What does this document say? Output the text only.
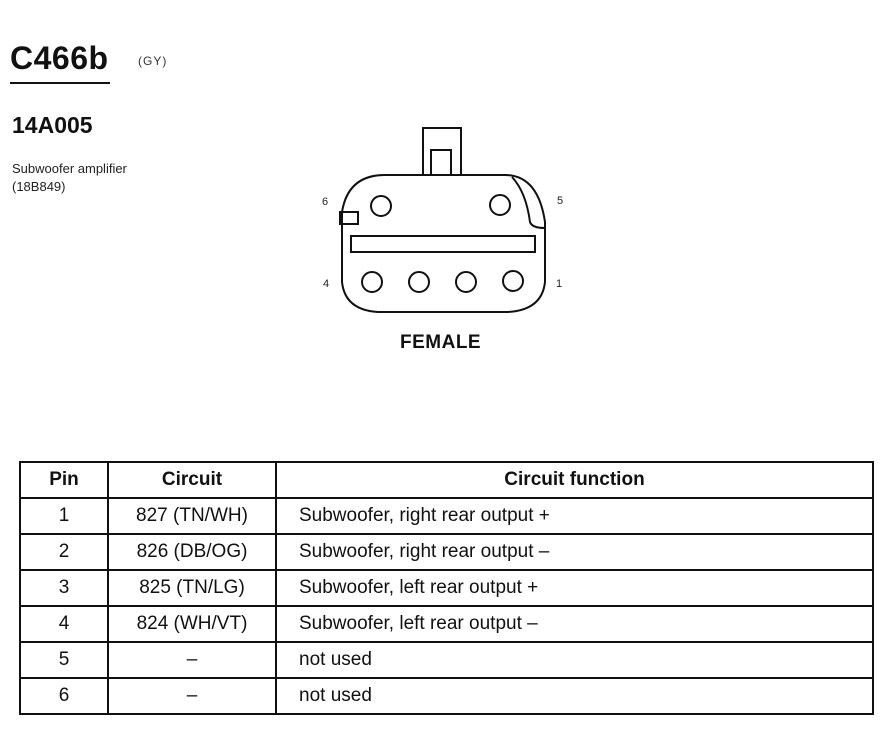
C466b (GY)
14A005
Subwoofer amplifier
(18B849)
6	5
4	1
FEMALE
Pin	Circuit	Circuit function
1	827 (TN/WH)	Subwoofer, right rear output +
2	826 (DB/OG)	Subwoofer, right rear output –
3	825 (TN/LG)	Subwoofer, left rear output +
4	824 (WH/VT)	Subwoofer, left rear output –
5	–	not used
6	–	not used
